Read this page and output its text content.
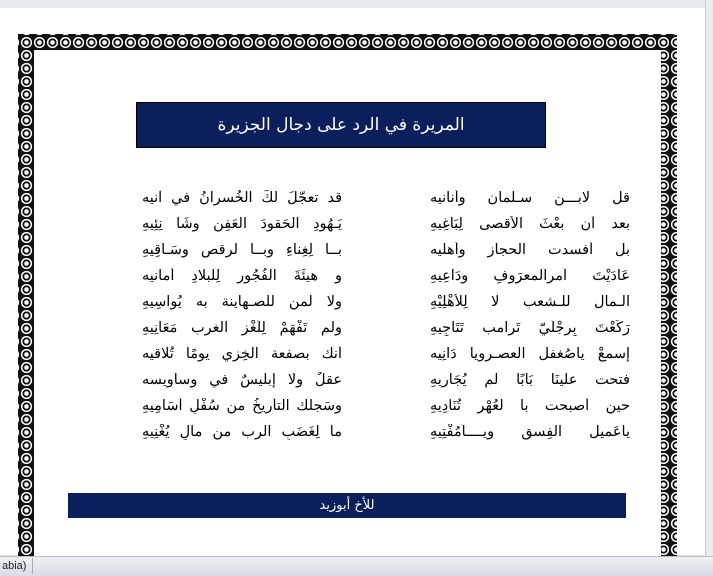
المريرة في الرد على دجال الجزيرة
قل لابـــن سـلمان وأنانيه
قد تعجّلَ لكَ الخُسرانُ في آنيه
بعد أن بعْثَ الأقصى لِبَاغِيهِ
يَـهُودِ الحَقودَ الْعَفِنِ وشَا نِئِيهِ
بل أفسدت الحجاز وأهليه
بــا لِغِناءِ وبــا لرقص وسَـاقِيهِ
عَادَيْتَ آمرالمعرَوفِ ودَاعِيهِ
و هيئَةَ الْفُجُورِ لِلبلادِ أمانيه
الـمال للـشعب لا لِلأهْلِيْهِ
ولا لمن للصـهاينة به يُواسِيهِ
رَكَعْتَ بِرِجْلَيّ تَرامب تَتَاجِيهِ
ولم تَفْهَمْ لِلُغْزِ الغرب مَعَانِيهِ
إِسمعْ ياصُغفل العصـرويا دَانِيه
أنك بصفعة الخِزي يومًا تُلاقيه
فتحت علينَا بَابًا لم يُجَارِيهِ
عقلٌ ولا إبليسٌ في وساويسه
حين أصبحت با لعُهْرِ تُنَادِيهِ
وسَجلك التأريخُ من سُفْلِ أسَامِيهِ
ياعَميل الفِسقِ ويــــاَمُفْتِيهِ
ما لِغَضَبِ الرب من مالٍ يُغْنِيهِ
للأخ أبوزيد
abia)
